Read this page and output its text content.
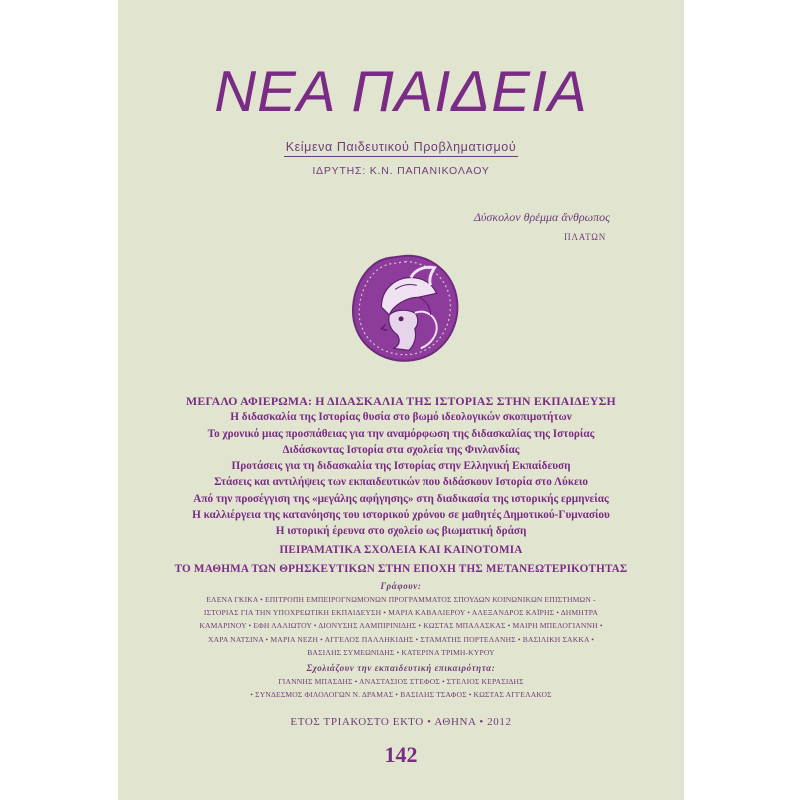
ΝΕΑ ΠΑΙΔΕΙΑ
Κείμενα Παιδευτικού Προβληματισμού
ΙΔΡΥΤΗΣ: Κ.Ν. ΠΑΠΑΝΙΚΟΛΑΟΥ
Δύσκολον θρέμμα ἄνθρωπος
ΠΛΑΤΩΝ
ΜΕΓΑΛΟ ΑΦΙΕΡΩΜΑ: Η ΔΙΔΑΣΚΑΛΙΑ ΤΗΣ ΙΣΤΟΡΙΑΣ ΣΤΗΝ ΕΚΠΑΙΔΕΥΣΗ
Η διδασκαλία της Ιστορίας θυσία στο βωμό ιδεολογικών σκοπιμοτήτων
Το χρονικό μιας προσπάθειας για την αναμόρφωση της διδασκαλίας της Ιστορίας
Διδάσκοντας Ιστορία στα σχολεία της Φινλανδίας
Προτάσεις για τη διδασκαλία της Ιστορίας στην Ελληνική Εκπαίδευση
Στάσεις και αντιλήψεις των εκπαιδευτικών που διδάσκουν Ιστορία στο Λύκειο
Από την προσέγγιση της «μεγάλης αφήγησης» στη διαδικασία της ιστορικής ερμηνείας
Η καλλιέργεια της κατανόησης του ιστορικού χρόνου σε μαθητές Δημοτικού-Γυμνασίου
Η ιστορική έρευνα στο σχολείο ως βιωματική δράση
ΠΕΙΡΑΜΑΤΙΚΑ ΣΧΟΛΕΙΑ ΚΑΙ ΚΑΙΝΟΤΟΜΙΑ
ΤΟ ΜΑΘΗΜΑ ΤΩΝ ΘΡΗΣΚΕΥΤΙΚΩΝ ΣΤΗΝ ΕΠΟΧΗ ΤΗΣ ΜΕΤΑΝΕΩΤΕΡΙΚΟΤΗΤΑΣ
Γράφουν:
ΕΛΕΝΑ ΓΚΙΚΑ • ΕΠΙΤΡΟΠΗ ΕΜΠΕΙΡΟΓΝΩΜΟΝΩΝ ΠΡΟΓΡΑΜΜΑΤΟΣ ΣΠΟΥΔΩΝ ΚΟΙΝΩΝΙΚΩΝ ΕΠΙΣΤΗΜΩΝ -
ΙΣΤΟΡΙΑΣ ΓΙΑ ΤΗΝ ΥΠΟΧΡΕΩΤΙΚΗ ΕΚΠΑΙΔΕΥΣΗ • ΜΑΡΙΑ ΚΑΒΑΛΙΕΡΟΥ • ΑΛΕΞΑΝΔΡΟΣ ΚΑΪΡΗΣ • ΔΗΜΗΤΡΑ
ΚΑΜΑΡΙΝΟΥ • ΕΦΗ ΛΑΛΙΩΤΟΥ • ΔΙΟΝΥΣΗΣ ΛΑΜΠΙΡΙΝΙΔΗΣ • ΚΩΣΤΑΣ ΜΠΑΛΑΣΚΑΣ • ΜΑΙΡΗ ΜΠΕΛΟΓΙΑΝΝΗ •
ΧΑΡΑ ΝΑΤΣΙΝΑ • ΜΑΡΙΑ ΝΕΖΗ • ΑΓΓΕΛΟΣ ΠΑΛΛΗΚΙΔΗΣ • ΣΤΑΜΑΤΗΣ ΠΟΡΤΕΛΑΝΗΣ • ΒΑΣΙΛΙΚΗ ΣΑΚΚΑ •
ΒΑΣΙΛΗΣ ΣΥΜΕΩΝΙΔΗΣ • ΚΑΤΕΡΙΝΑ ΤΡΙΜΗ-ΚΥΡΟΥ
Σχολιάζουν την εκπαιδευτική επικαιρότητα:
ΓΙΑΝΝΗΣ ΜΠΑΣΔΗΣ • ΑΝΑΣΤΑΣΙΟΣ ΣΤΕΦΟΣ • ΣΤΕΛΙΟΣ ΚΕΡΑΣΙΔΗΣ
• ΣΥΝΔΕΣΜΟΣ ΦΙΛΟΛΟΓΩΝ Ν. ΔΡΑΜΑΣ • ΒΑΣΙΛΗΣ ΤΣΑΦΟΣ • ΚΩΣΤΑΣ ΑΓΓΕΛΑΚΟΣ
ΕΤΟΣ ΤΡΙΑΚΟΣΤΟ ΕΚΤΟ • ΑΘΗΝΑ • 2012
142
